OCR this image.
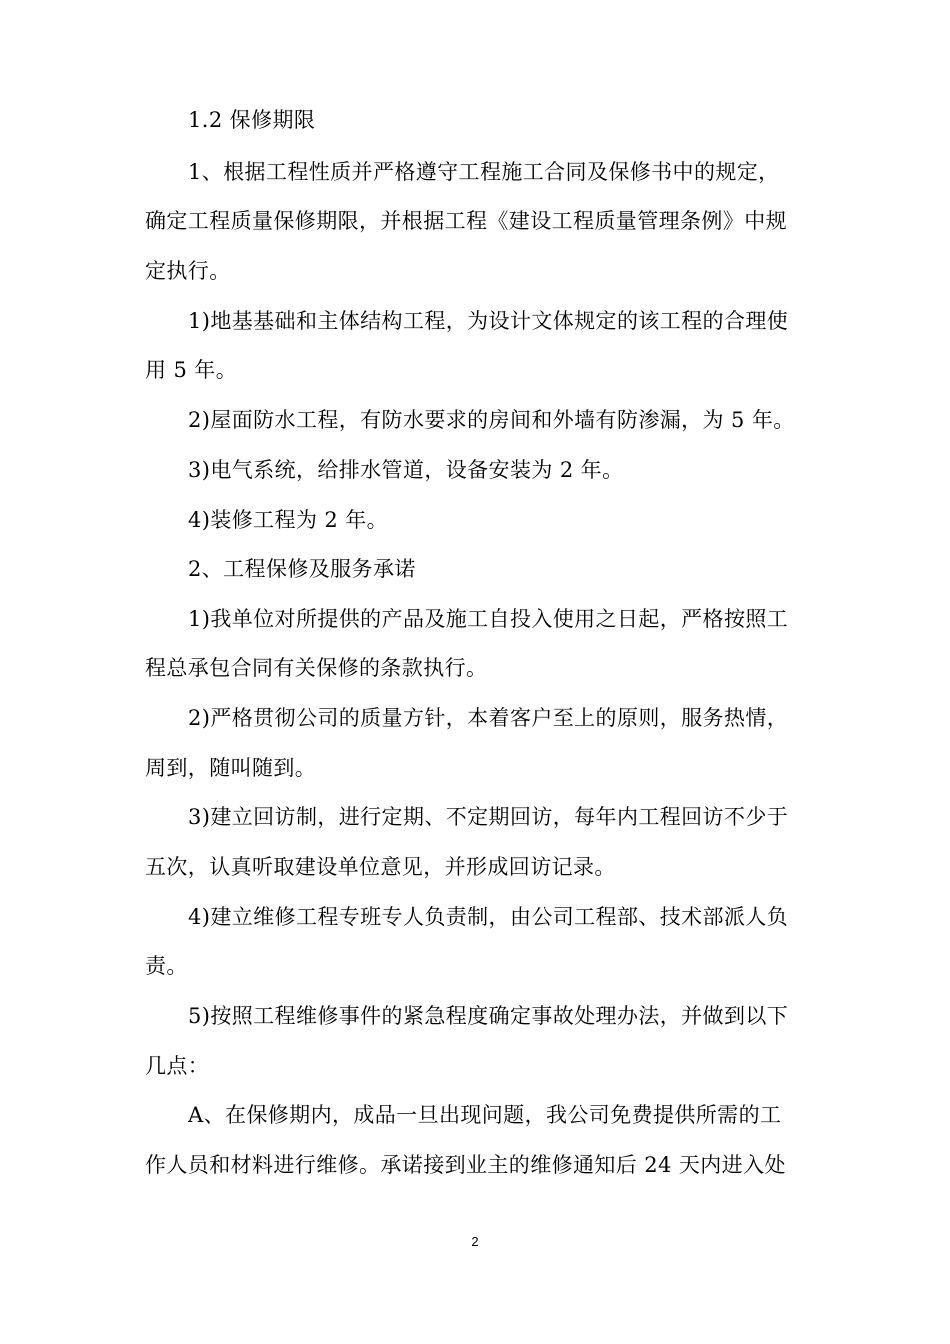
1.2 保修期限
1、根据工程性质并严格遵守工程施工合同及保修书中的规定，
确定工程质量保修期限，并根据工程《建设工程质量管理条例》中规
定执行。
1)地基基础和主体结构工程，为设计文体规定的该工程的合理使
用 5 年。
2)屋面防水工程，有防水要求的房间和外墙有防渗漏，为 5 年。
3)电气系统，给排水管道，设备安装为 2 年。
4)装修工程为 2 年。
2、工程保修及服务承诺
1)我单位对所提供的产品及施工自投入使用之日起，严格按照工
程总承包合同有关保修的条款执行。
2)严格贯彻公司的质量方针，本着客户至上的原则，服务热情，
周到，随叫随到。
3)建立回访制，进行定期、不定期回访，每年内工程回访不少于
五次，认真听取建设单位意见，并形成回访记录。
4)建立维修工程专班专人负责制，由公司工程部、技术部派人负
责。
5)按照工程维修事件的紧急程度确定事故处理办法，并做到以下
几点：
A、在保修期内，成品一旦出现问题，我公司免费提供所需的工
作人员和材料进行维修。承诺接到业主的维修通知后 24 天内进入处
2
